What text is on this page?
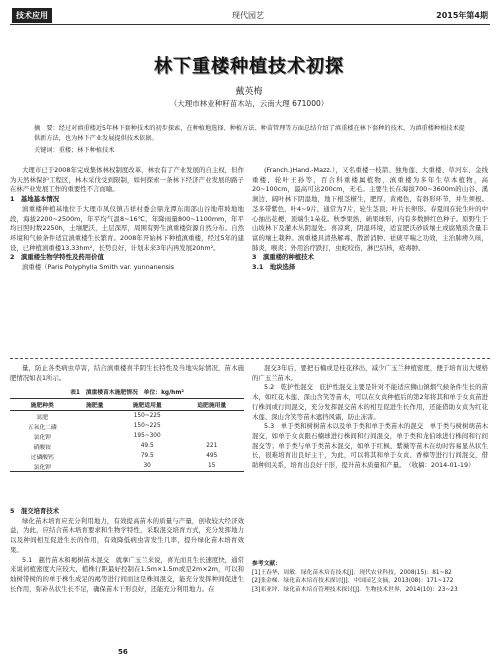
技术应用	现代园艺	2015年第4期
林下重楼种植技术初探
戴英梅
（大理市林业种籽苗木站，云南大理 671000）
摘　要：经过对滇重楼近5年林下套种技术的初步探索，在种植地选择、种植方法、种苗管理等方面总结介绍了滇重楼在林下套种的技术，为滇重楼种植技术提供新方法，也为林下产业发展提供技术依据。
关键词：重楼；林下种植技术

大理市已于2008年完成集体林权制度改革，林农有了产业发展的自主权，但作为天然林保护工程区，林木采伐受到限制，如何探索一条林下经济产业发展的路子在林产业发展工作的重要性不言而喻。

1　基地基本情况

滇重楼种植基地位于大理市凤仪镇吉祥村委会鼎龙潭东南部山谷地带坡地地段，海拔2200~2500m，年平均气温8~16℃，年降雨量800~1100mm，年平均日照时数2250h，土壤肥沃，土层深厚，周围有野生滇重楼资源自然分布。自然环境和气候条件适宜滇重楼生长繁育。2008年开始林下种植滇重楼，经过5年的建设，已种植滇重楼13.33hm²，长势良好，计划未来3年内再发展20hm²。

2　滇重楼生物学特性及药用价值

滇重楼（Paris Polyphylla Smith var. yunnanensis

(Franch.)Hand.-Mazz.），又名重楼一枝箭、独角莲、大重楼、草河车、金线重楼、轮叶王孙等，百合科重楼属植物，滇重楼为多年生草本植物，高20~100cm，最高可达200cm，无毛。主要生长在海拔700~3600m的山谷、溪涧边、阔叶林下阴湿地，地下根茎横生，肥厚，黄褐色，有斜形环节，并生须根。茎多带紫色，叶4~9片，通常为7片，轮生茎顶；叶片长卵形。春夏间在轮生叶的中心抽出花梗，顶端生1朵花。秋季果熟，蒴果球形，内有多数鲜红色种子。原野生于山坡林下及灌木丛阴湿处。喜凉爽，阴湿环境，适宜肥沃砂质壤土或腐殖质含量丰富的壤土栽种。滇重楼具清热解毒、散淤消肿、祛痰平喘之功效，主治肺痨久咳，肺炎，喉炎；外用治疗跌打，虫蛇咬伤，淋巴结核，疮毒肿。

3　滇重楼的种植技术

3.1　地块选择

量，防止各类病虫草害，结合滇重楼喜半阴生长特性及当地实际情况，苗木施肥情况如表1所示。

表1　滇重楼苗木施肥情况　单位：kg/hm²
施肥种类	施肥量	施肥适用量	追肥施用量
氮肥		150~225	
五氧化二磷		150~225	
氯化钾		195~300	
硝酸铵		49.5	221
过磷酸钙		79.5	495
氯化钾		30	15

5　混交培育技术

绿化苗木培育应充分利用地力，有效提高苗木的质量与产量，创收较大经济效益，为此，应结合苗木培育要求和生物学特性，采取混交培育方式，充分发挥地力以及种间相互促进生长的作用，有效降低病虫害发生几率，提升绿化苗木培育效果。

5.1　慈竹苗木和褐树苗木混交　就拿广玉兰来说，喜光而且生长速度快，通常来说初植密度大应较大，植株行距最好控制在1.5m×1.5m或是2m×2m，可以和灿树带树的的单于株生成足的褐等进行间而这是株间混交，能充分发挥种间促进生长作用，弥补丛状生长不足，确保苗木干形良好，还能充分利用地力。在

混交3年后，要把石楠或是桂花移出，减少广玉兰种植密度，便于培育出大规格的广玉兰苗木。

5.2　乾护性混交　庇护性混交主要是针对不能适应狮山镇烟气候条件生长的苗木，如红花木莲、深山含笑等苗木，可以在女贞种植后的第2年将其和单于女贞苗进行株间或行间混交，充分发挥混交苗木的相互促进生长作用，还能借助女贞为红花木莲、深山含笑等苗木遮挡风霜，防止冻害。

5.3　单于类和树树苗木以及单于类和单于类苗木的混交　单于类与树树萌苗木混交，如单于女贞跟石楠球进行株间和行间混交，单于类和龙伯球进行株间和行间混交等；单于类与单于类苗木混交，如单于红枫、紫薇等苗木在幼时容易显丛状生长，很难培育出良好主干，为此，可以将其和单于女贞、香樟等进行行间混交，借助种间关系，培育出良好干形，提升苗木质量和产量。　（收稿：2014-01-19）

参考文献：
[1]王春华，周敏．绿化苗木培育技术[J]．现代农业科技，2008(15)：81~82
[2]张金梯．绿化苗木培育技术探讨[J]．中国园艺文摘，2013(08)：171~172
[3]邓亚坪．绿化苗木培育管理技术探讨[J]．生物技术世界，2014(10)：23~23
56
